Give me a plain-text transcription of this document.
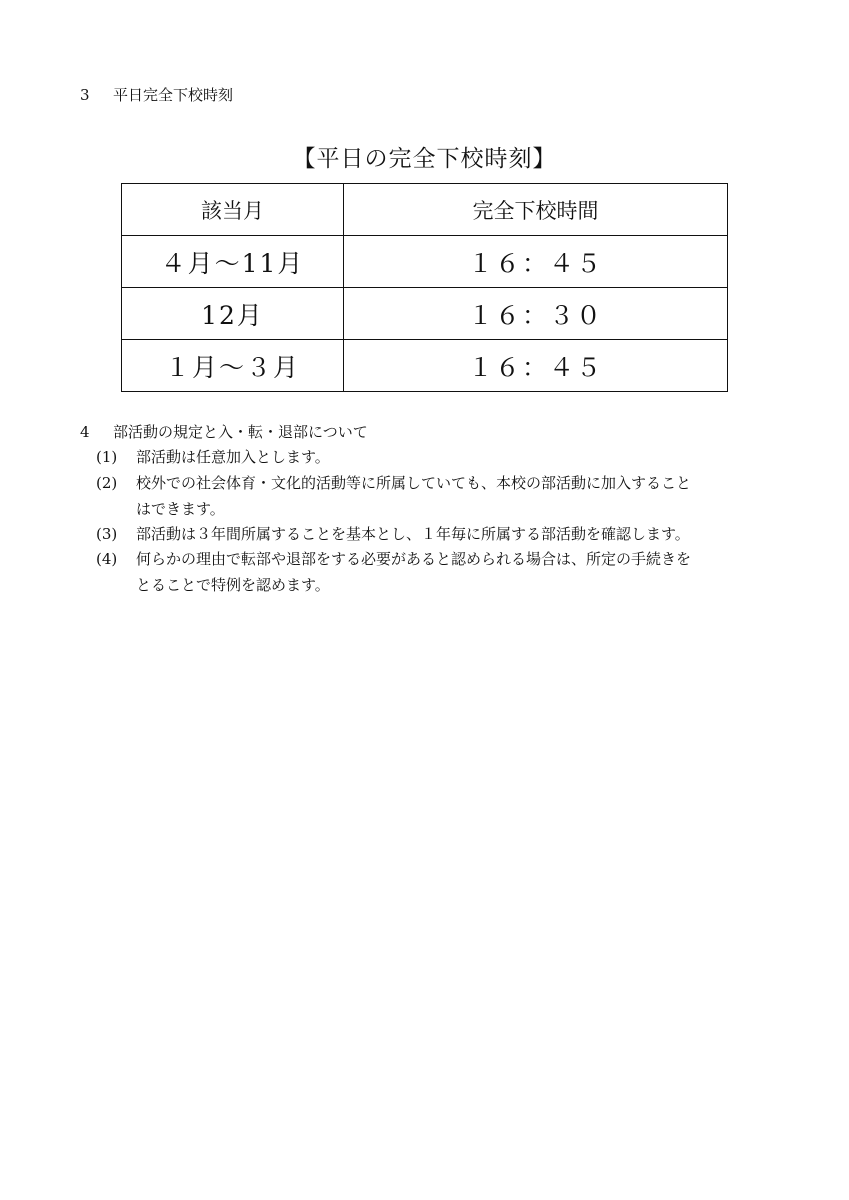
3 平日完全下校時刻
【平日の完全下校時刻】
該当月	完全下校時間
４月～11月	１６：４５
12月	１６：３０
１月～３月	１６：４５
4 部活動の規定と入・転・退部について
(1)	部活動は任意加入とします。
(2)	校外での社会体育・文化的活動等に所属していても、本校の部活動に加入すること
はできます。
(3)	部活動は３年間所属することを基本とし、１年毎に所属する部活動を確認します。
(4)	何らかの理由で転部や退部をする必要があると認められる場合は、所定の手続きを
とることで特例を認めます。
